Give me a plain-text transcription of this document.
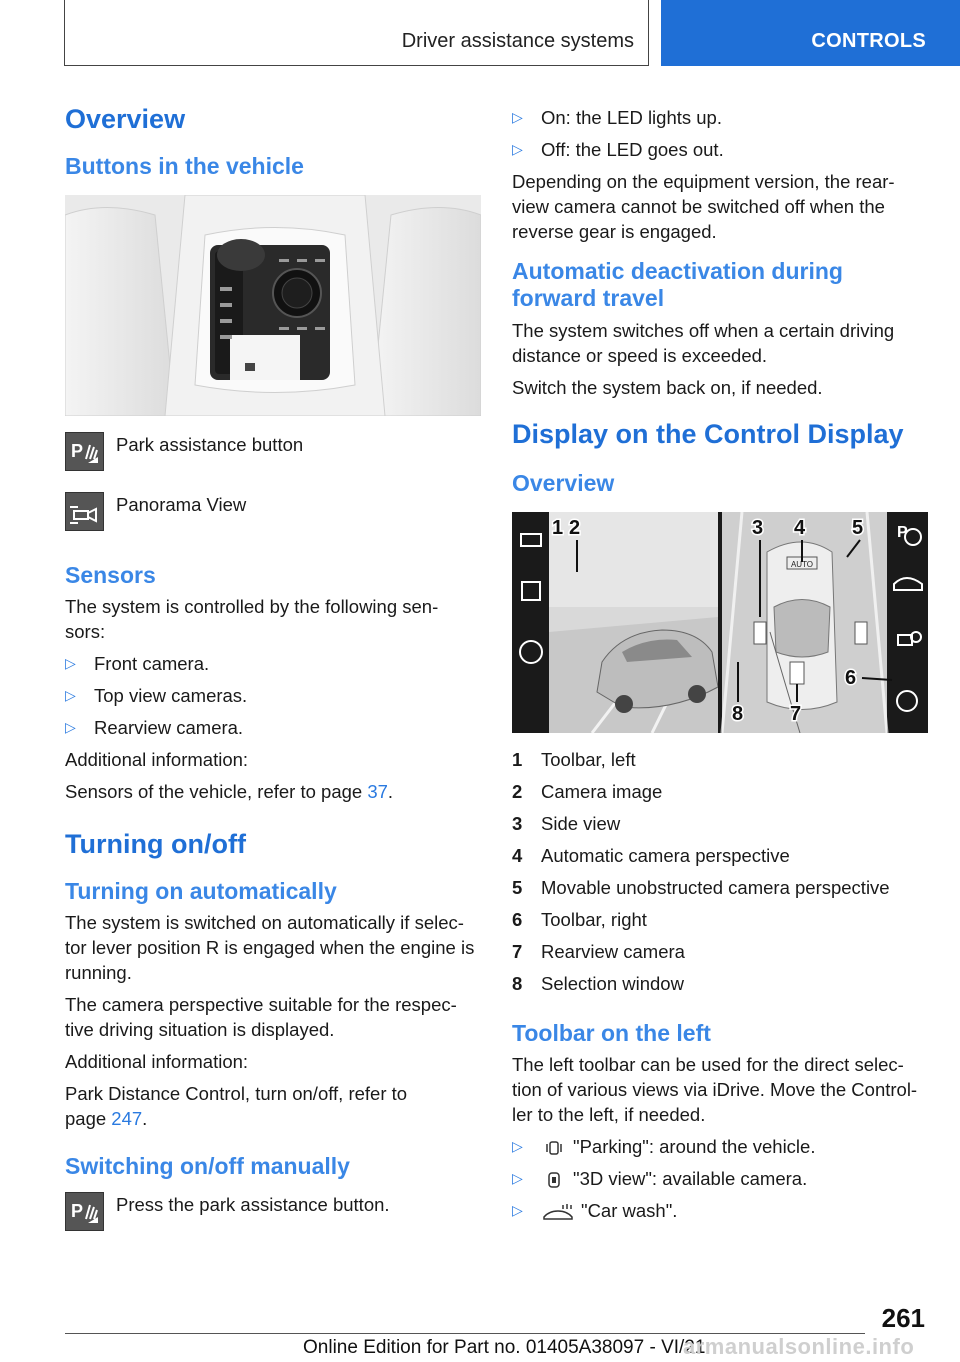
Driver assistance systems	CONTROLS
Overview
Buttons in the vehicle
P Park assistance button
Panorama View
Sensors

The system is controlled by the following sen-sors:

▷ Front camera.
▷ Top view cameras.
▷ Rearview camera.

Additional information:

Sensors of the vehicle, refer to page 37.

Turning on/off
Turning on automatically

The system is switched on automatically if selec-tor lever position R is engaged when the engine is running.

The camera perspective suitable for the respec-tive driving situation is displayed.

Additional information:

Park Distance Control, turn on/off, refer to page 247.

Switching on/off manually
P Press the park assistance button.
▷ On: the LED lights up.
▷ Off: the LED goes out.

Depending on the equipment version, the rear-view camera cannot be switched off when the reverse gear is engaged.

Automatic deactivation during forward travel

The system switches off when a certain driving distance or speed is exceeded.

Switch the system back on, if needed.

Display on the Control Display
Overview
AUTO
P
1 2	3 4 5
6
7
8
1	Toolbar, left
2	Camera image
3	Side view
4	Automatic camera perspective
5	Movable unobstructed camera perspective
6	Toolbar, right
7	Rearview camera
8	Selection window
Toolbar on the left

The left toolbar can be used for the direct selec-tion of various views via iDrive. Move the Control-ler to the left, if needed.

▷	"Parking": around the vehicle.
▷	"3D view": available camera.
▷	"Car wash".
261
Online Edition for Part no. 01405A38097 - VI/21
armanualsonline.info
